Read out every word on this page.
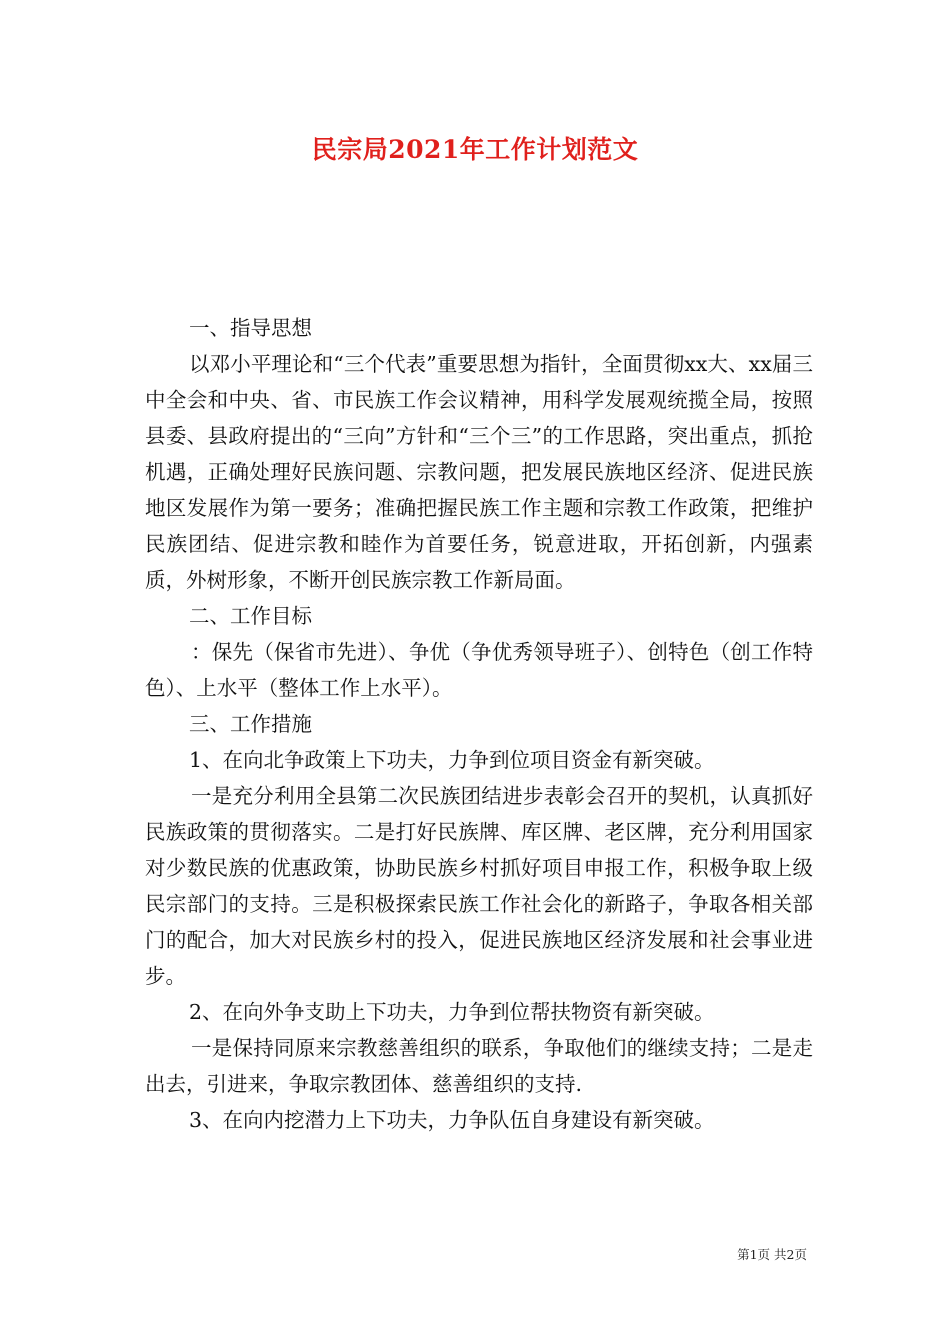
民宗局2021年工作计划范文

一、指导思想

以邓小平理论和“三个代表”重要思想为指针，全面贯彻xx大、xx届三中全会和中央、省、市民族工作会议精神，用科学发展观统揽全局，按照县委、县政府提出的“三向”方针和“三个三”的工作思路，突出重点，抓抢机遇，正确处理好民族问题、宗教问题，把发展民族地区经济、促进民族地区发展作为第一要务；准确把握民族工作主题和宗教工作政策，把维护民族团结、促进宗教和睦作为首要任务，锐意进取，开拓创新，内强素质，外树形象，不断开创民族宗教工作新局面。

二、工作目标

：保先（保省市先进）、争优（争优秀领导班子）、创特色（创工作特色）、上水平（整体工作上水平）。

三、工作措施

1、在向北争政策上下功夫，力争到位项目资金有新突破。

一是充分利用全县第二次民族团结进步表彰会召开的契机，认真抓好民族政策的贯彻落实。二是打好民族牌、库区牌、老区牌，充分利用国家对少数民族的优惠政策，协助民族乡村抓好项目申报工作，积极争取上级民宗部门的支持。三是积极探索民族工作社会化的新路子，争取各相关部门的配合，加大对民族乡村的投入，促进民族地区经济发展和社会事业进步。

2、在向外争支助上下功夫，力争到位帮扶物资有新突破。

一是保持同原来宗教慈善组织的联系，争取他们的继续支持；二是走出去，引进来，争取宗教团体、慈善组织的支持.

3、在向内挖潜力上下功夫，力争队伍自身建设有新突破。

第1页 共2页
